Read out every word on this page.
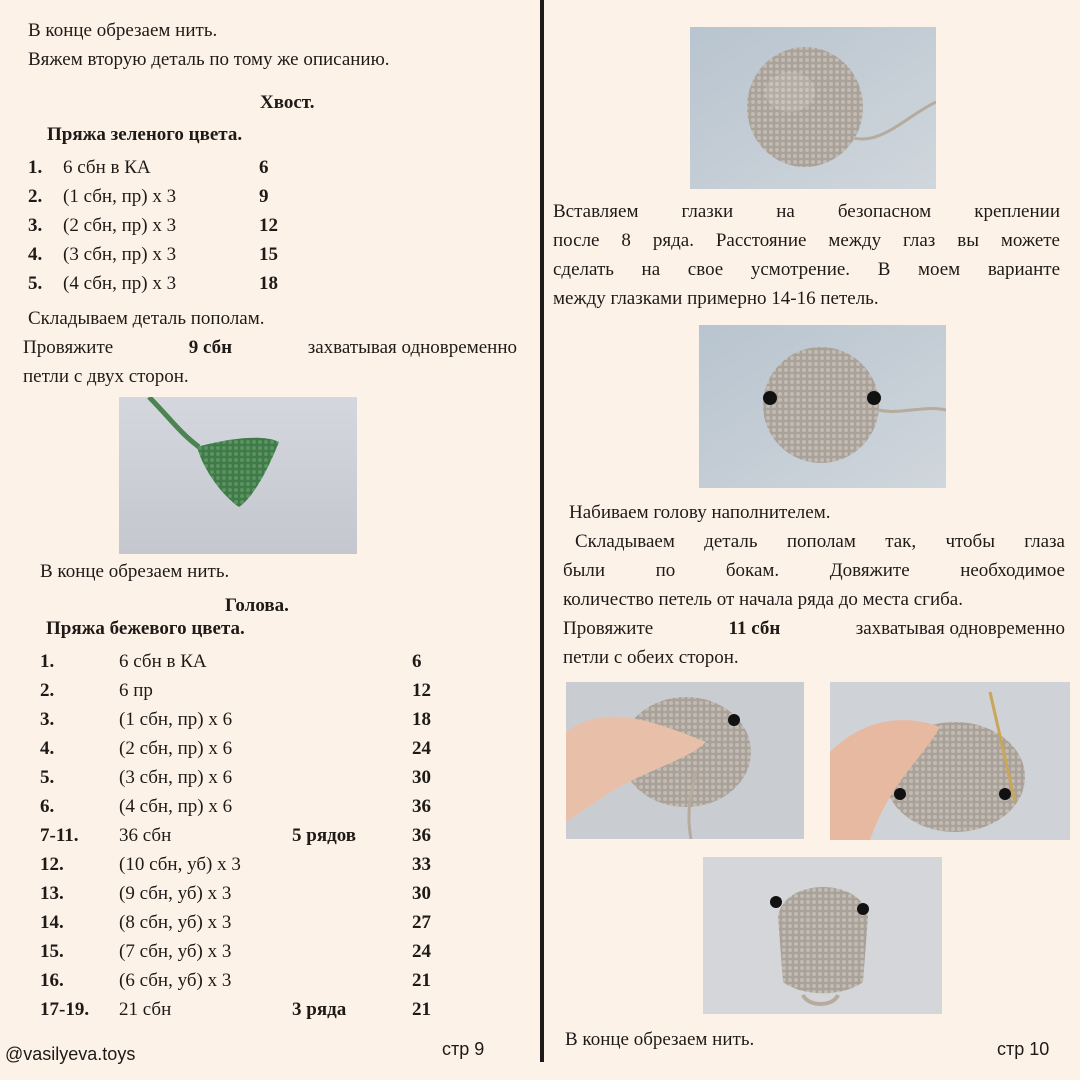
В конце обрезаем нить.
Вяжем вторую деталь по тому же описанию.
Хвост.
Пряжа зеленого цвета.
1.	6 сбн в КА	6
2.	(1 сбн, пр) х 3	9
3.	(2 сбн, пр) х 3	12
4.	(3 сбн, пр) х 3	15
5.	(4 сбн, пр) х 3	18
Складываем деталь пополам.
Провяжите	9 сбн	захватывая одновременно
петли с двух сторон.
В конце обрезаем нить.
Голова.
Пряжа бежевого цвета.
1.	6 сбн в КА		6
2.	6 пр		12
3.	(1 сбн, пр) х 6		18
4.	(2 сбн, пр) х 6		24
5.	(3 сбн, пр) х 6		30
6.	(4 сбн, пр) х 6		36
7-11.	36 сбн	5 рядов	36
12.	(10 сбн, уб) х 3		33
13.	(9 сбн, уб) х 3		30
14.	(8 сбн, уб) х 3		27
15.	(7 сбн, уб) х 3		24
16.	(6 сбн, уб) х 3		21
17-19.	21 сбн	3 ряда	21
@vasilyeva.toys	стр 9
Вставляем глазки на безопасном креплении
после 8 ряда. Расстояние между глаз вы можете
сделать на свое усмотрение. В моем варианте
между глазками примерно 14-16 петель.
Набиваем голову наполнителем.
Складываем деталь пополам так, чтобы глаза
были по бокам. Довяжите необходимое
количество петель от начала ряда до места сгиба.
Провяжите	11 сбн	захватывая одновременно
петли с обеих сторон.
В конце обрезаем нить.	стр 10
